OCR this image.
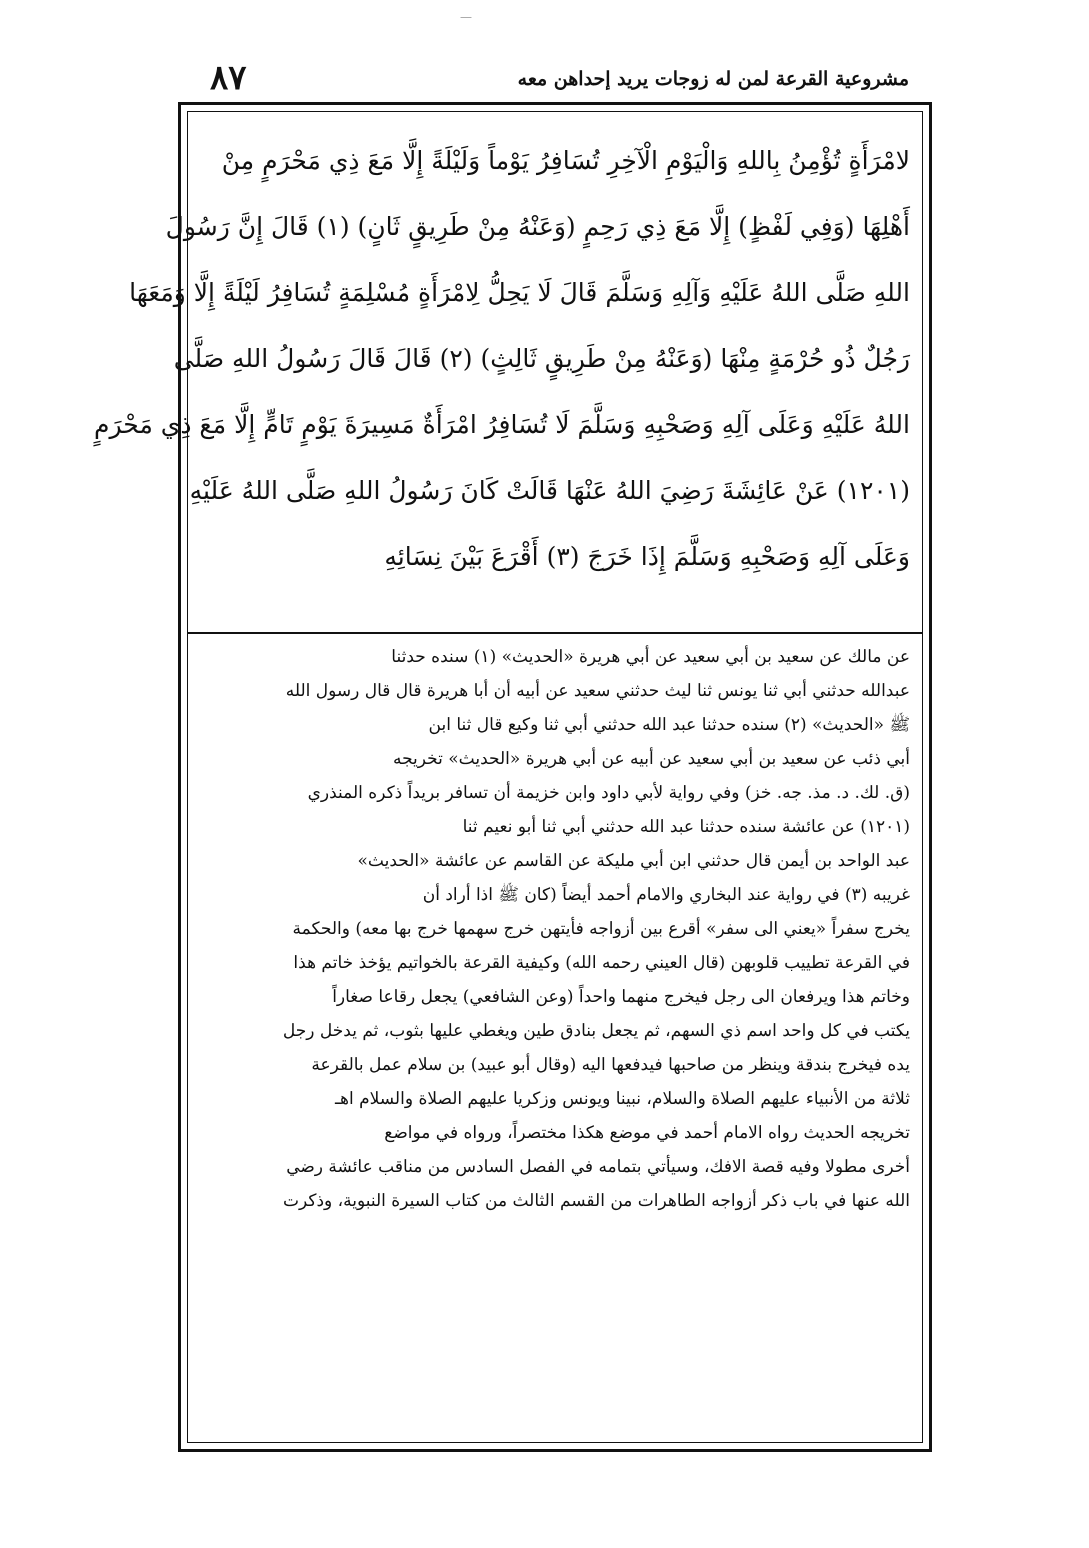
—
مشروعية القرعة لمن له زوجات يريد إحداهن معه
٨٧
لامْرَأَةٍ تُؤْمِنُ بِاللهِ وَالْيَوْمِ الْآخِرِ تُسَافِرُ يَوْماً وَلَيْلَةً إِلَّا مَعَ ذِي مَحْرَمٍ مِنْ
أَهْلِهَا (وَفِي لَفْظٍ) إِلَّا مَعَ ذِي رَحِمٍ (وَعَنْهُ مِنْ طَرِيقٍ ثَانٍ) (١) قَالَ إِنَّ رَسُولَ
اللهِ صَلَّى اللهُ عَلَيْهِ وَآلِهِ وَسَلَّمَ قَالَ لَا يَحِلُّ لِامْرَأَةٍ مُسْلِمَةٍ تُسَافِرُ لَيْلَةً إِلَّا وَمَعَهَا
رَجُلٌ ذُو حُرْمَةٍ مِنْهَا (وَعَنْهُ مِنْ طَرِيقٍ ثَالِثٍ) (٢) قَالَ قَالَ رَسُولُ اللهِ صَلَّى
اللهُ عَلَيْهِ وَعَلَى آلِهِ وَصَحْبِهِ وَسَلَّمَ لَا تُسَافِرُ امْرَأَةٌ مَسِيرَةَ يَوْمٍ تَامٍّ إِلَّا مَعَ ذِي مَحْرَمٍ
(١٢٠١) عَنْ عَائِشَةَ رَضِيَ اللهُ عَنْهَا قَالَتْ كَانَ رَسُولُ اللهِ صَلَّى اللهُ عَلَيْهِ
وَعَلَى آلِهِ وَصَحْبِهِ وَسَلَّمَ إِذَا خَرَجَ (٣) أَقْرَعَ بَيْنَ نِسَائِهِ
عن مالك عن سعيد بن أبي سعيد عن أبي هريرة «الحديث» (١) سنده حدثنا
عبدالله حدثني أبي ثنا يونس ثنا ليث حدثني سعيد عن أبيه أن أبا هريرة قال قال رسول الله
ﷺ «الحديث» (٢) سنده حدثنا عبد الله حدثني أبي ثنا وكيع قال ثنا ابن
أبي ذئب عن سعيد بن أبي سعيد عن أبيه عن أبي هريرة «الحديث» تخريجه
(ق. لك. د. مذ. جه. خز) وفي رواية لأبي داود وابن خزيمة أن تسافر بريداً ذكره المنذري
(١٢٠١) عن عائشة سنده حدثنا عبد الله حدثني أبي ثنا أبو نعيم ثنا
عبد الواحد بن أيمن قال حدثني ابن أبي مليكة عن القاسم عن عائشة «الحديث»
غريبه (٣) في رواية عند البخاري والامام أحمد أيضاً (كان ﷺ اذا أراد أن
يخرج سفراً «يعني الى سفر» أقرع بين أزواجه فأيتهن خرج سهمها خرج بها معه) والحكمة
في القرعة تطييب قلوبهن (قال العيني رحمه الله) وكيفية القرعة بالخواتيم يؤخذ خاتم هذا
وخاتم هذا ويرفعان الى رجل فيخرج منهما واحداً (وعن الشافعي) يجعل رقاعا صغاراً
يكتب في كل واحد اسم ذي السهم، ثم يجعل بنادق طين ويغطي عليها بثوب، ثم يدخل رجل
يده فيخرج بندقة وينظر من صاحبها فيدفعها اليه (وقال أبو عبيد) بن سلام عمل بالقرعة
ثلاثة من الأنبياء عليهم الصلاة والسلام، نبينا ويونس وزكريا عليهم الصلاة والسلام اهـ
تخريجه الحديث رواه الامام أحمد في موضع هكذا مختصراً، ورواه في مواضع
أخرى مطولا وفيه قصة الافك، وسيأتي بتمامه في الفصل السادس من مناقب عائشة رضي
الله عنها في باب ذكر أزواجه الطاهرات من القسم الثالث من كتاب السيرة النبوية، وذكرت
